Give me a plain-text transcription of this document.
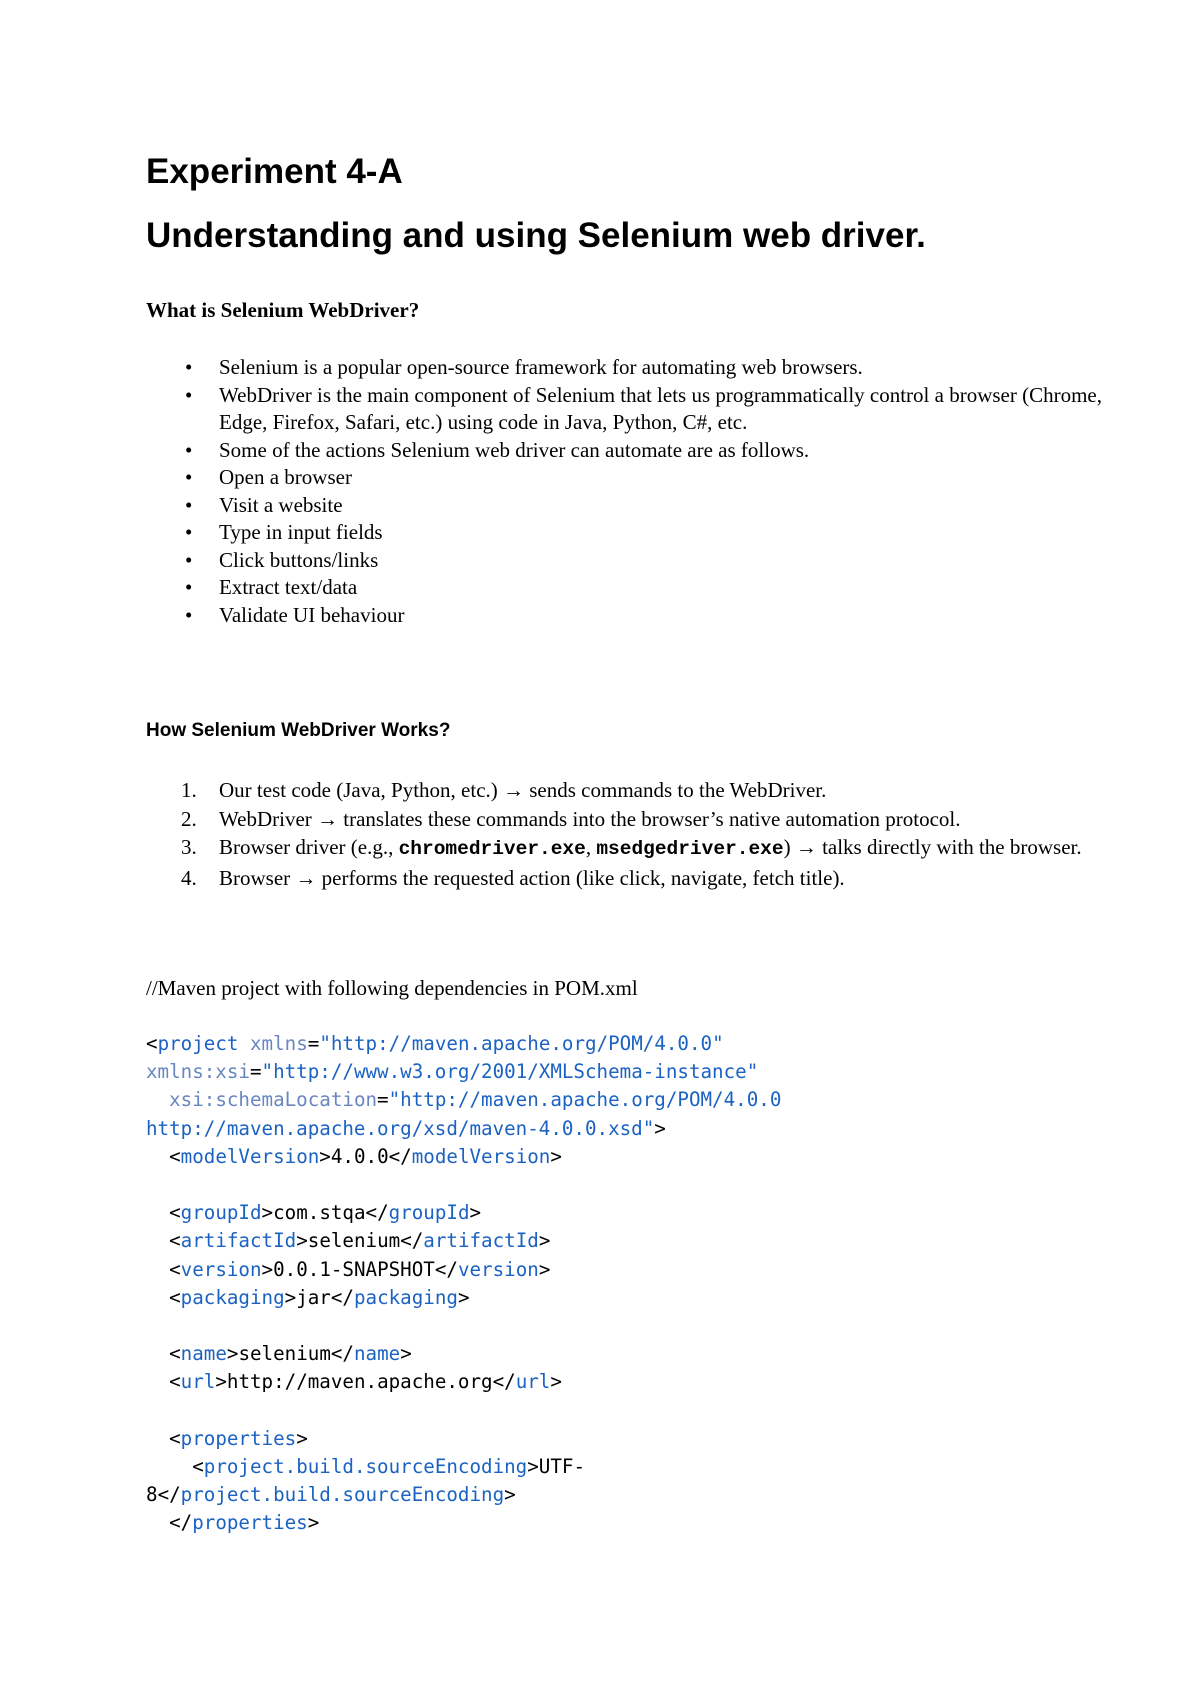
Experiment 4-A
Understanding and using Selenium web driver.

What is Selenium WebDriver?

• Selenium is a popular open-source framework for automating web browsers.
• WebDriver is the main component of Selenium that lets us programmatically control a browser (Chrome, Edge, Firefox, Safari, etc.) using code in Java, Python, C#, etc.
• Some of the actions Selenium web driver can automate are as follows.
• Open a browser
• Visit a website
• Type in input fields
• Click buttons/links
• Extract text/data
• Validate UI behaviour

How Selenium WebDriver Works?

1. Our test code (Java, Python, etc.) → sends commands to the WebDriver.
2. WebDriver → translates these commands into the browser’s native automation protocol.
3. Browser driver (e.g., chromedriver.exe, msedgedriver.exe) → talks directly with the browser.
4. Browser → performs the requested action (like click, navigate, fetch title).

//Maven project with following dependencies in POM.xml

<project xmlns="http://maven.apache.org/POM/4.0.0"
xmlns:xsi="http://www.w3.org/2001/XMLSchema-instance"
xsi:schemaLocation="http://maven.apache.org/POM/4.0.0
http://maven.apache.org/xsd/maven-4.0.0.xsd">
<modelVersion>4.0.0</modelVersion>

<groupId>com.stqa</groupId>
<artifactId>selenium</artifactId>
<version>0.0.1-SNAPSHOT</version>
<packaging>jar</packaging>

<name>selenium</name>
<url>http://maven.apache.org</url>

<properties>
<project.build.sourceEncoding>UTF-
8</project.build.sourceEncoding>
</properties>
